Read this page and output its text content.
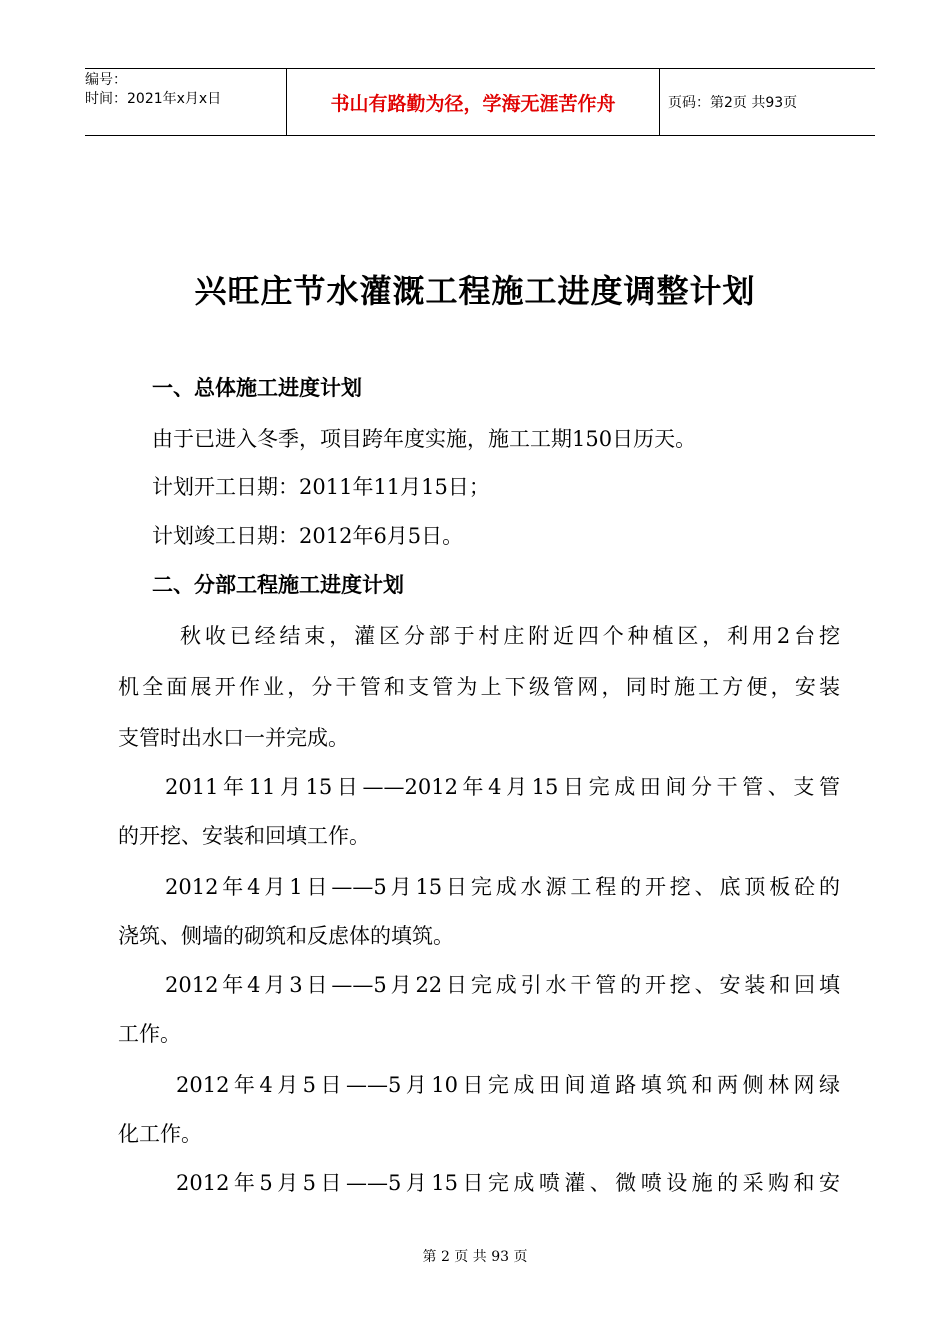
编号：
时间：2021年x月x日	书山有路勤为径，学海无涯苦作舟	页码：第2页 共93页
兴旺庄节水灌溉工程施工进度调整计划
一、总体施工进度计划
由于已进入冬季，项目跨年度实施，施工工期150日历天。
计划开工日期：2011年11月15日；
计划竣工日期：2012年6月5日。
二、分部工程施工进度计划
秋收已经结束，灌区分部于村庄附近四个种植区，利用2台挖
机全面展开作业，分干管和支管为上下级管网，同时施工方便，安装
支管时出水口一并完成。
2011年11月15日——2012年4月15日完成田间分干管、支管
的开挖、安装和回填工作。
2012年4月1日——5月15日完成水源工程的开挖、底顶板砼的
浇筑、侧墙的砌筑和反虑体的填筑。
2012年4月3日——5月22日完成引水干管的开挖、安装和回填
工作。
2012年4月5日——5月10日完成田间道路填筑和两侧林网绿
化工作。
2012年5月5日——5月15日完成喷灌、微喷设施的采购和安
第 2 页 共 93 页
